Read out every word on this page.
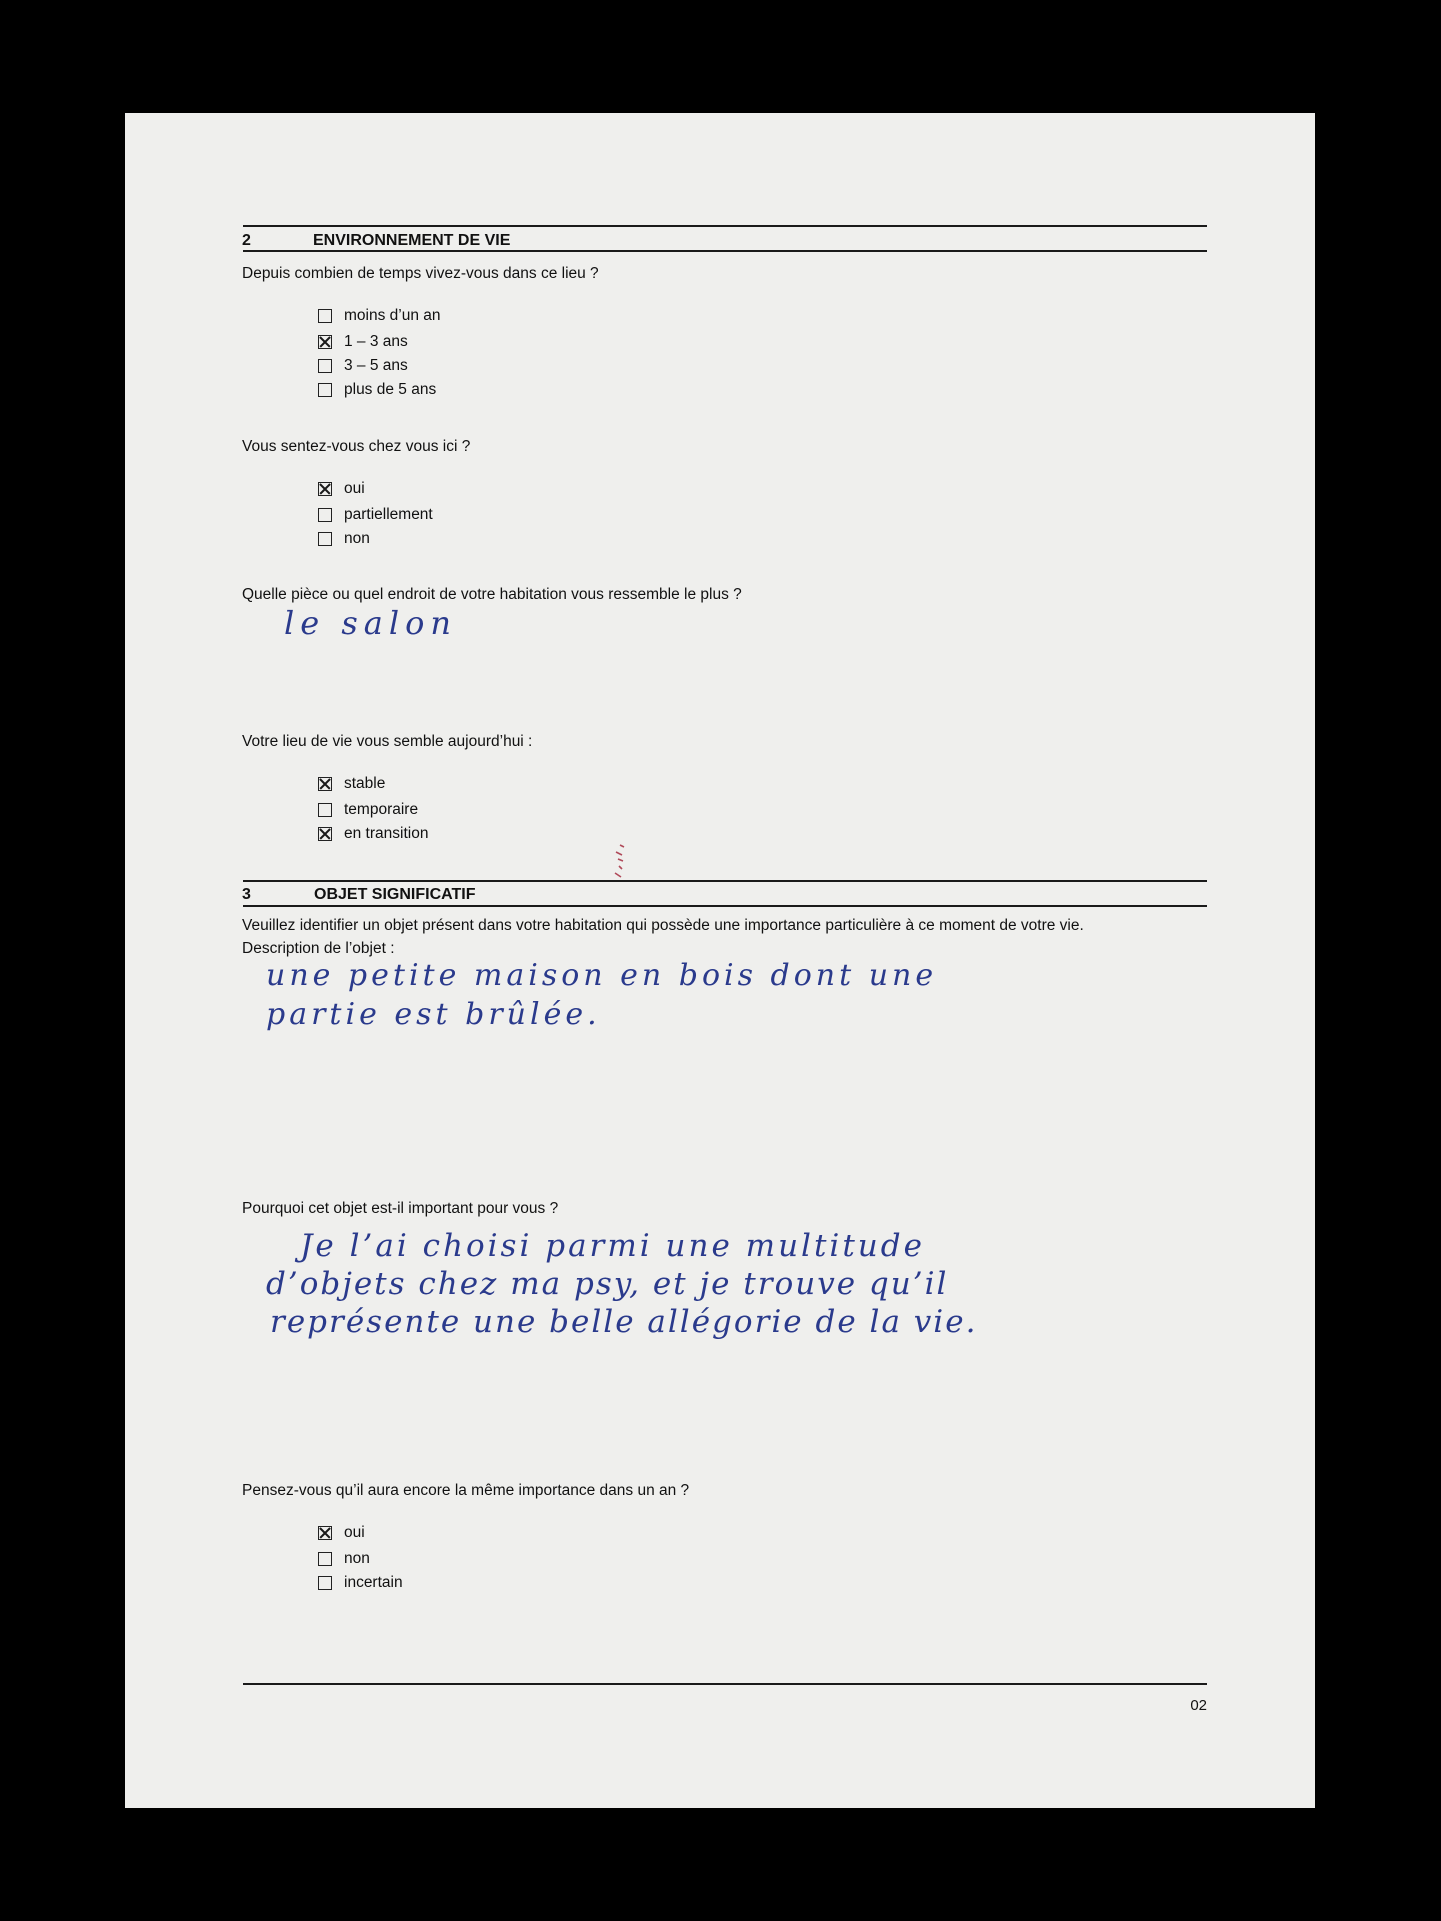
2	ENVIRONNEMENT DE VIE
Depuis combien de temps vivez-vous dans ce lieu ?
moins d’un an
1 – 3 ans
3 – 5 ans
plus de 5 ans
Vous sentez-vous chez vous ici ?
oui
partiellement
non
Quelle pièce ou quel endroit de votre habitation vous ressemble le plus ?
le salon
Votre lieu de vie vous semble aujourd’hui :
stable
temporaire
en transition
3	OBJET SIGNIFICATIF
Veuillez identifier un objet présent dans votre habitation qui possède une importance particulière à ce moment de votre vie.
Description de l’objet :
une petite maison en bois dont une
partie est brûlée.
Pourquoi cet objet est-il important pour vous ?
Je l’ai choisi parmi une multitude
d’objets chez ma psy, et je trouve qu’il
représente une belle allégorie de la vie.
Pensez-vous qu’il aura encore la même importance dans un an ?
oui
non
incertain
02
